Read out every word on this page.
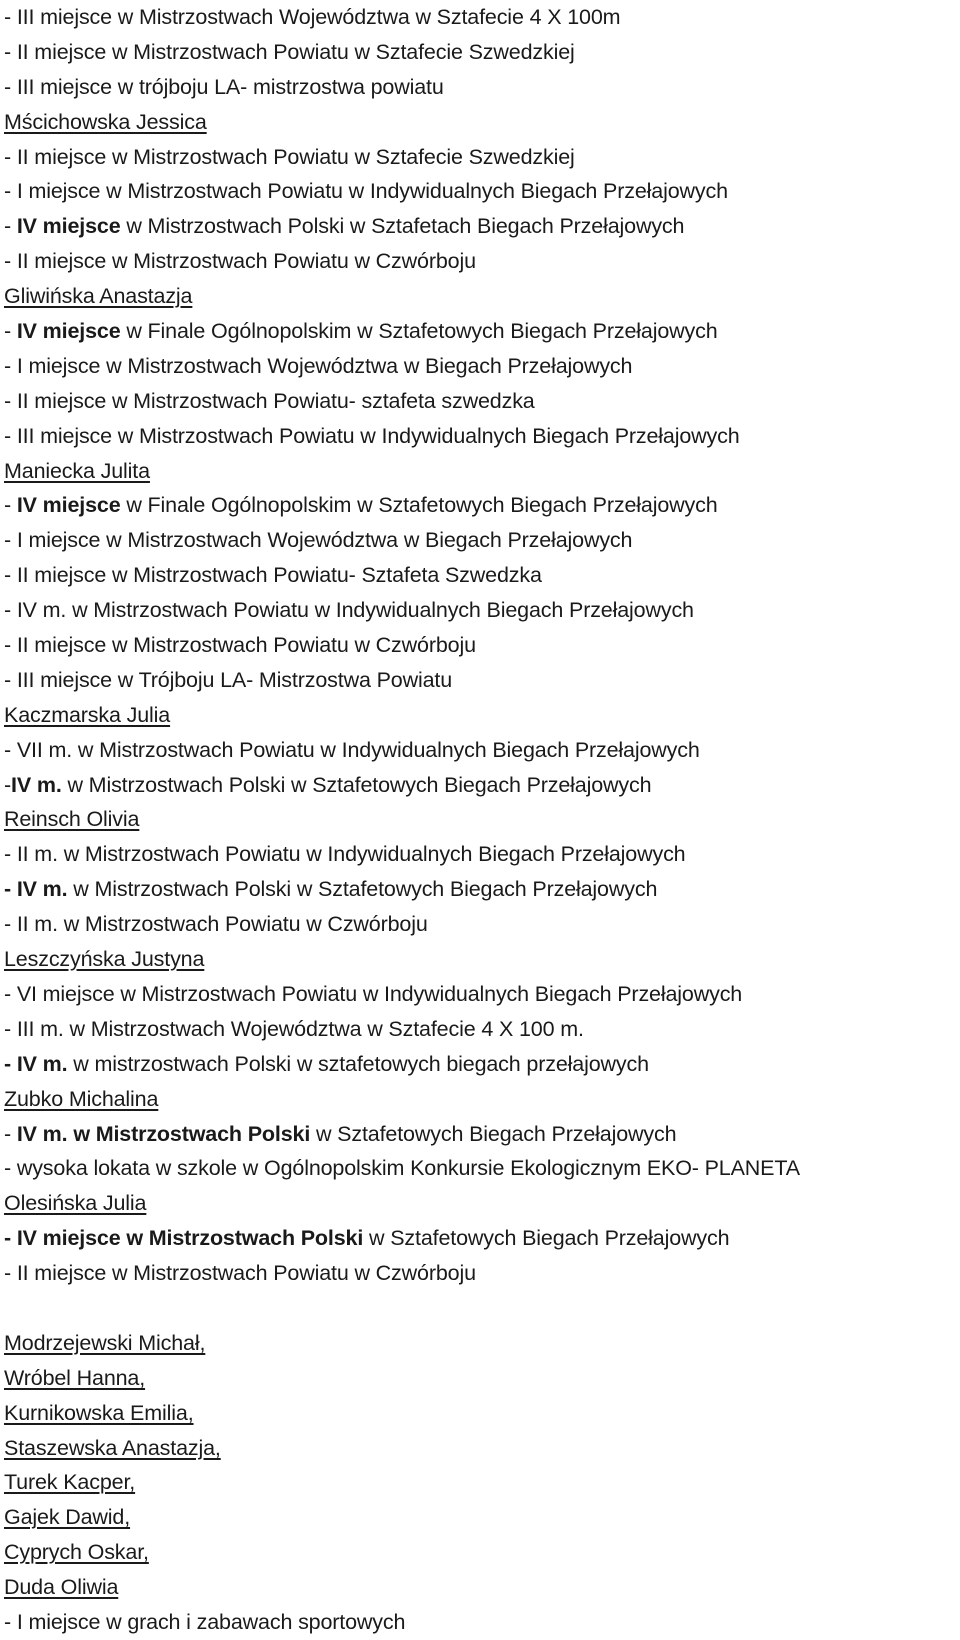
- III miejsce w Mistrzostwach Województwa w Sztafecie 4 X 100m
- II miejsce w Mistrzostwach Powiatu w Sztafecie Szwedzkiej
- III miejsce w trójboju LA- mistrzostwa powiatu
Mścichowska Jessica
- II miejsce w Mistrzostwach Powiatu w Sztafecie Szwedzkiej
- I miejsce w Mistrzostwach Powiatu w Indywidualnych Biegach Przełajowych
- IV miejsce w Mistrzostwach Polski w Sztafetach Biegach Przełajowych
- II miejsce w Mistrzostwach Powiatu w Czwórboju
Gliwińska Anastazja
- IV miejsce w Finale Ogólnopolskim w Sztafetowych Biegach Przełajowych
- I miejsce w Mistrzostwach Województwa w Biegach Przełajowych
- II miejsce w Mistrzostwach Powiatu- sztafeta szwedzka
- III miejsce w Mistrzostwach Powiatu w Indywidualnych Biegach Przełajowych
Maniecka Julita
- IV miejsce w Finale Ogólnopolskim w Sztafetowych Biegach Przełajowych
- I miejsce w Mistrzostwach Województwa w Biegach Przełajowych
- II miejsce w Mistrzostwach Powiatu- Sztafeta Szwedzka
- IV m. w Mistrzostwach Powiatu w Indywidualnych Biegach Przełajowych
- II miejsce w Mistrzostwach Powiatu w Czwórboju
- III miejsce w Trójboju LA- Mistrzostwa Powiatu
Kaczmarska Julia
- VII m. w Mistrzostwach Powiatu w Indywidualnych Biegach Przełajowych
-IV m. w Mistrzostwach Polski w Sztafetowych Biegach Przełajowych
Reinsch Olivia
- II m. w Mistrzostwach Powiatu w Indywidualnych Biegach Przełajowych
- IV m. w Mistrzostwach Polski w Sztafetowych Biegach Przełajowych
- II m. w Mistrzostwach Powiatu w Czwórboju
Leszczyńska Justyna
- VI miejsce w Mistrzostwach Powiatu w Indywidualnych Biegach Przełajowych
- III m. w Mistrzostwach Województwa w Sztafecie 4 X 100 m.
- IV m. w mistrzostwach Polski w sztafetowych biegach przełajowych
Zubko Michalina
- IV m. w Mistrzostwach Polski w Sztafetowych Biegach Przełajowych
- wysoka lokata w szkole w Ogólnopolskim Konkursie Ekologicznym EKO- PLANETA
Olesińska Julia
- IV miejsce w Mistrzostwach Polski w Sztafetowych Biegach Przełajowych
- II miejsce w Mistrzostwach Powiatu w Czwórboju
Modrzejewski Michał,
Wróbel Hanna,
Kurnikowska Emilia,
Staszewska Anastazja,
Turek Kacper,
Gajek Dawid,
Cyprych Oskar,
Duda Oliwia
- I miejsce w grach i zabawach sportowych
